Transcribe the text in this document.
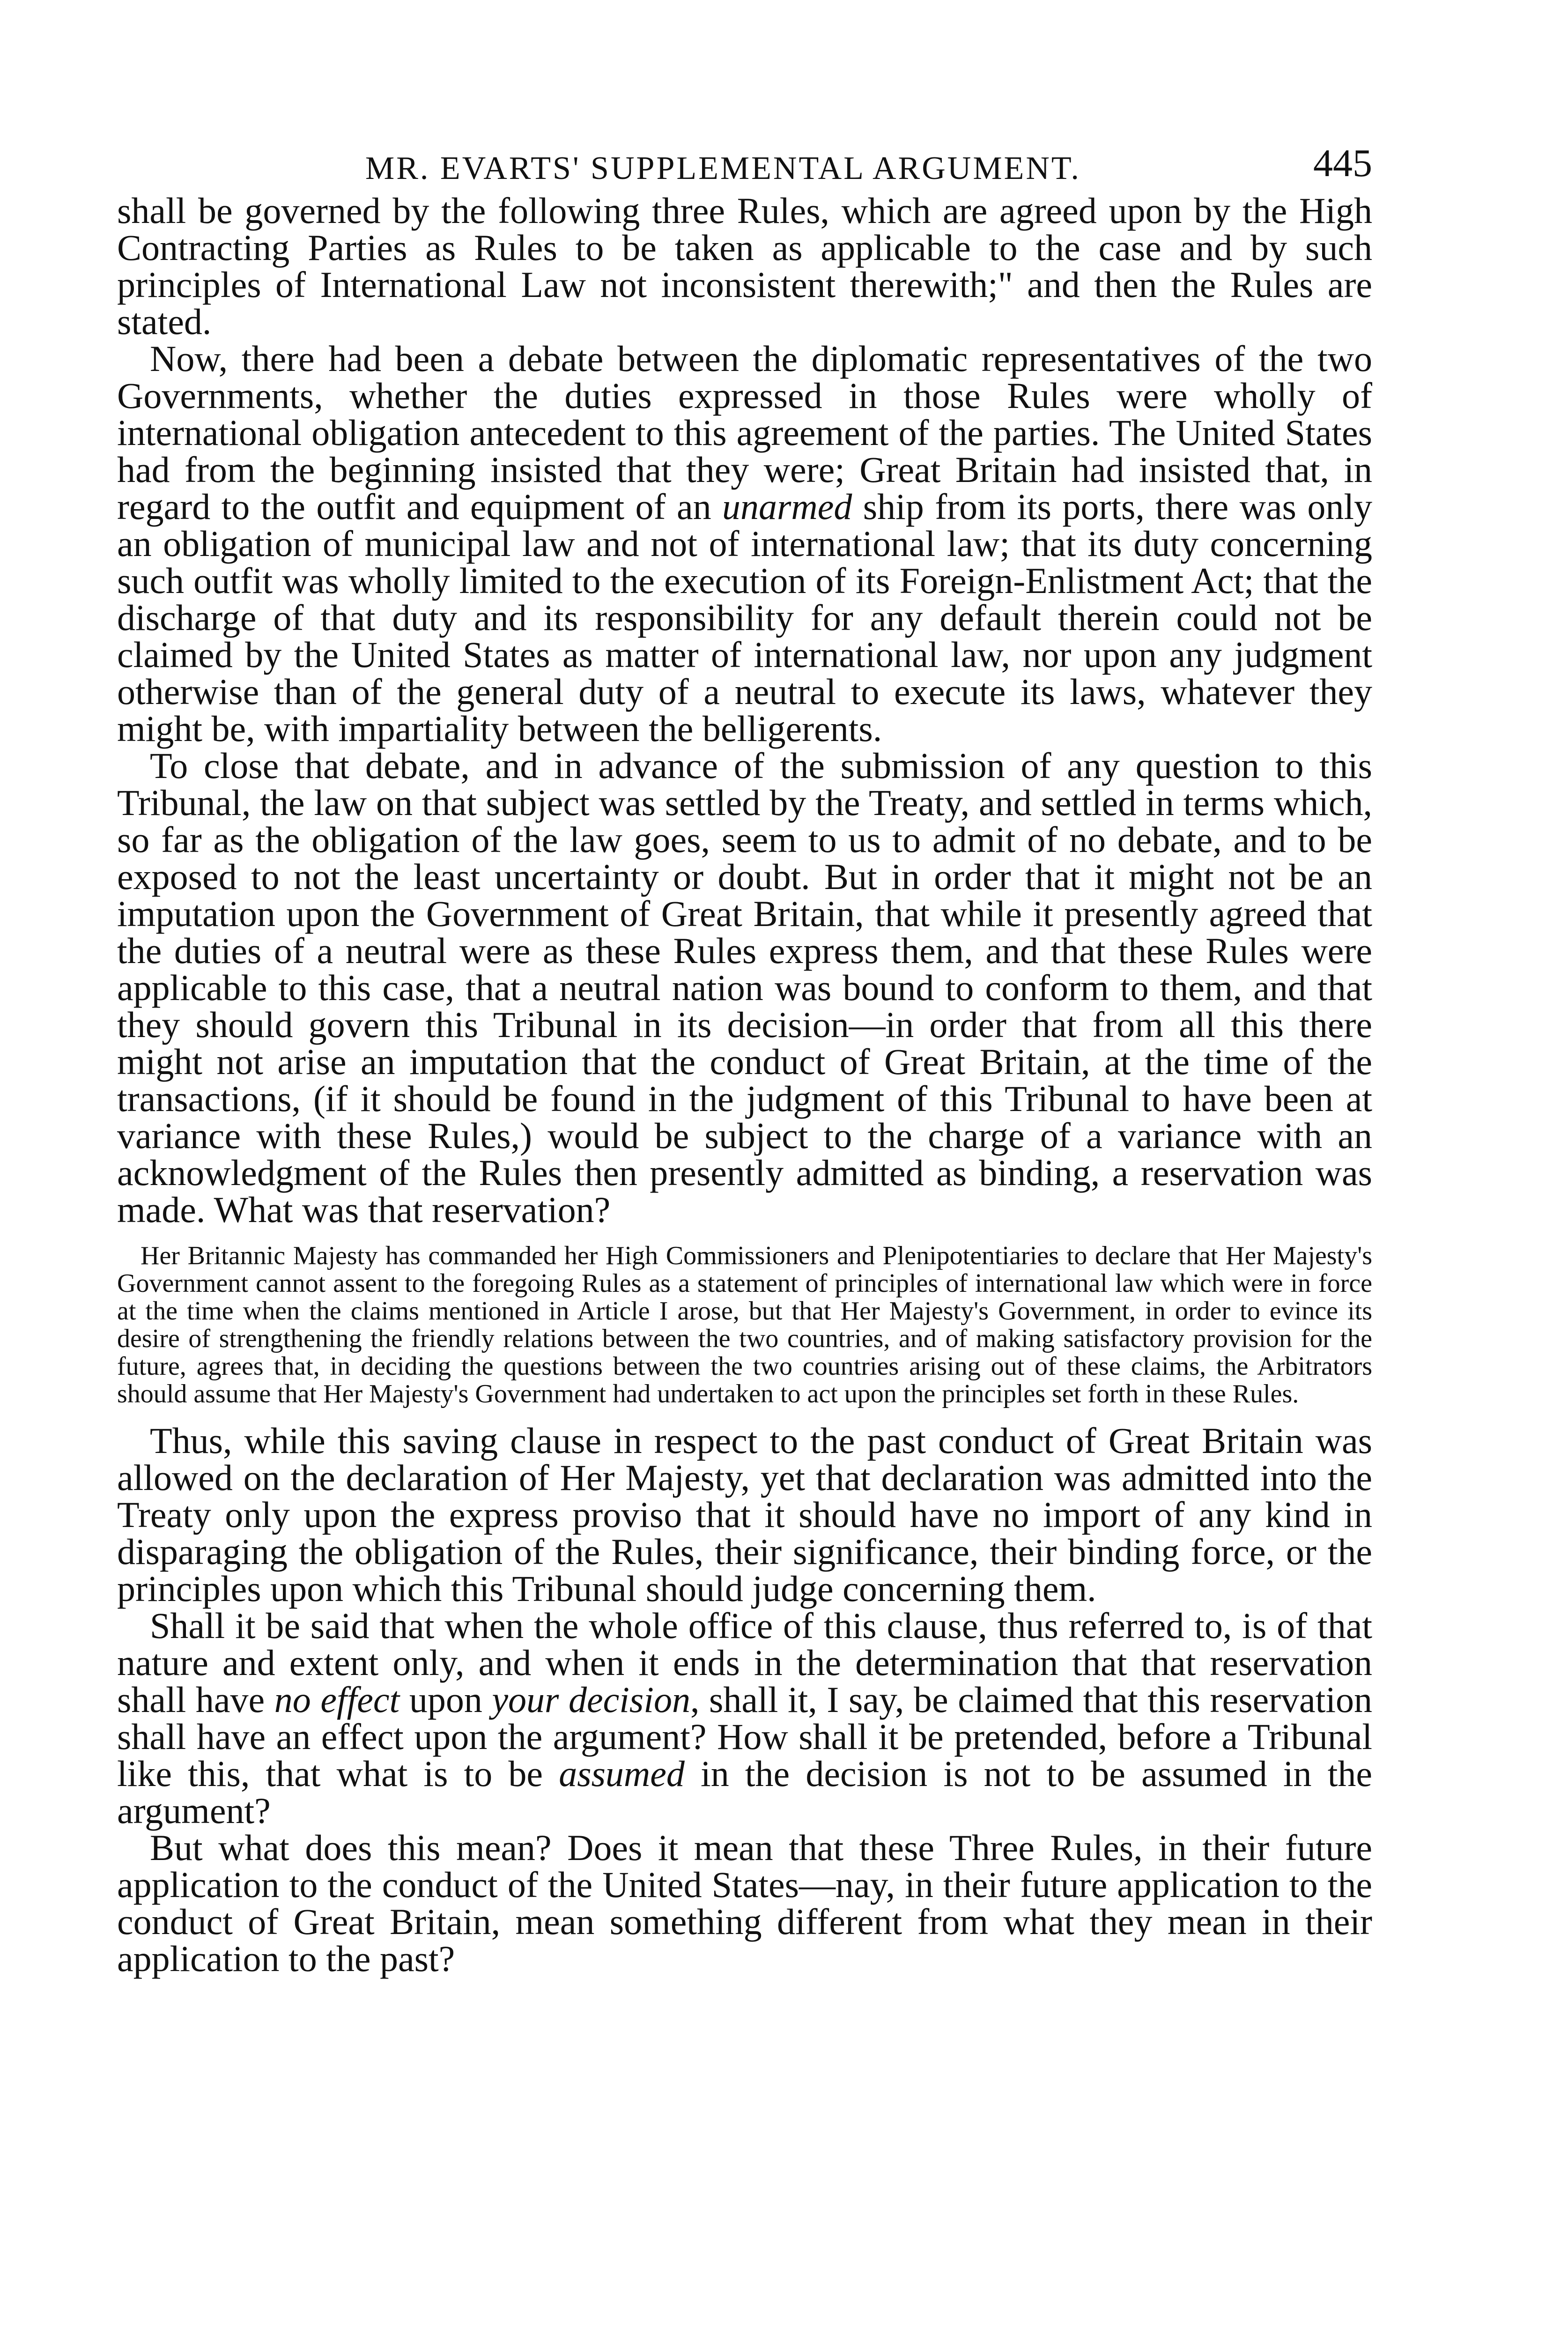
MR. EVARTS' SUPPLEMENTAL ARGUMENT.	445

shall be governed by the following three Rules, which are agreed upon by the High Contracting Parties as Rules to be taken as applicable to the case and by such principles of International Law not inconsistent therewith;" and then the Rules are stated.

Now, there had been a debate between the diplomatic representatives of the two Governments, whether the duties expressed in those Rules were wholly of international obligation antecedent to this agreement of the parties. The United States had from the beginning insisted that they were; Great Britain had insisted that, in regard to the outfit and equipment of an unarmed ship from its ports, there was only an obligation of municipal law and not of international law; that its duty concerning such outfit was wholly limited to the execution of its Foreign-Enlistment Act; that the discharge of that duty and its responsibility for any default therein could not be claimed by the United States as matter of international law, nor upon any judgment otherwise than of the general duty of a neutral to execute its laws, whatever they might be, with impartiality between the belligerents.

To close that debate, and in advance of the submission of any question to this Tribunal, the law on that subject was settled by the Treaty, and settled in terms which, so far as the obligation of the law goes, seem to us to admit of no debate, and to be exposed to not the least uncertainty or doubt. But in order that it might not be an imputation upon the Government of Great Britain, that while it presently agreed that the duties of a neutral were as these Rules express them, and that these Rules were applicable to this case, that a neutral nation was bound to conform to them, and that they should govern this Tribunal in its decision—in order that from all this there might not arise an imputation that the conduct of Great Britain, at the time of the transactions, (if it should be found in the judgment of this Tribunal to have been at variance with these Rules,) would be subject to the charge of a variance with an acknowledgment of the Rules then presently admitted as binding, a reservation was made. What was that reservation?

Her Britannic Majesty has commanded her High Commissioners and Plenipotentiaries to declare that Her Majesty's Government cannot assent to the foregoing Rules as a statement of principles of international law which were in force at the time when the claims mentioned in Article I arose, but that Her Majesty's Government, in order to evince its desire of strengthening the friendly relations between the two countries, and of making satisfactory provision for the future, agrees that, in deciding the questions between the two countries arising out of these claims, the Arbitrators should assume that Her Majesty's Government had undertaken to act upon the principles set forth in these Rules.

Thus, while this saving clause in respect to the past conduct of Great Britain was allowed on the declaration of Her Majesty, yet that declaration was admitted into the Treaty only upon the express proviso that it should have no import of any kind in disparaging the obligation of the Rules, their significance, their binding force, or the principles upon which this Tribunal should judge concerning them.

Shall it be said that when the whole office of this clause, thus referred to, is of that nature and extent only, and when it ends in the determination that that reservation shall have no effect upon your decision, shall it, I say, be claimed that this reservation shall have an effect upon the argument? How shall it be pretended, before a Tribunal like this, that what is to be assumed in the decision is not to be assumed in the argument?

But what does this mean? Does it mean that these Three Rules, in their future application to the conduct of the United States—nay, in their future application to the conduct of Great Britain, mean something different from what they mean in their application to the past?
